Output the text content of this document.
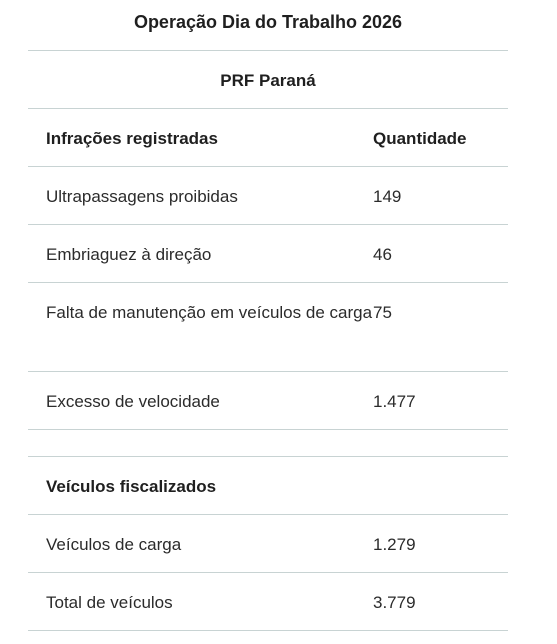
Operação Dia do Trabalho 2026
PRF Paraná
Infrações registradas	Quantidade
Ultrapassagens proibidas	149
Embriaguez à direção	46
Falta de manutenção em veículos de carga 75
Excesso de velocidade	1.477
Veículos fiscalizados
Veículos de carga	1.279
Total de veículos	3.779
